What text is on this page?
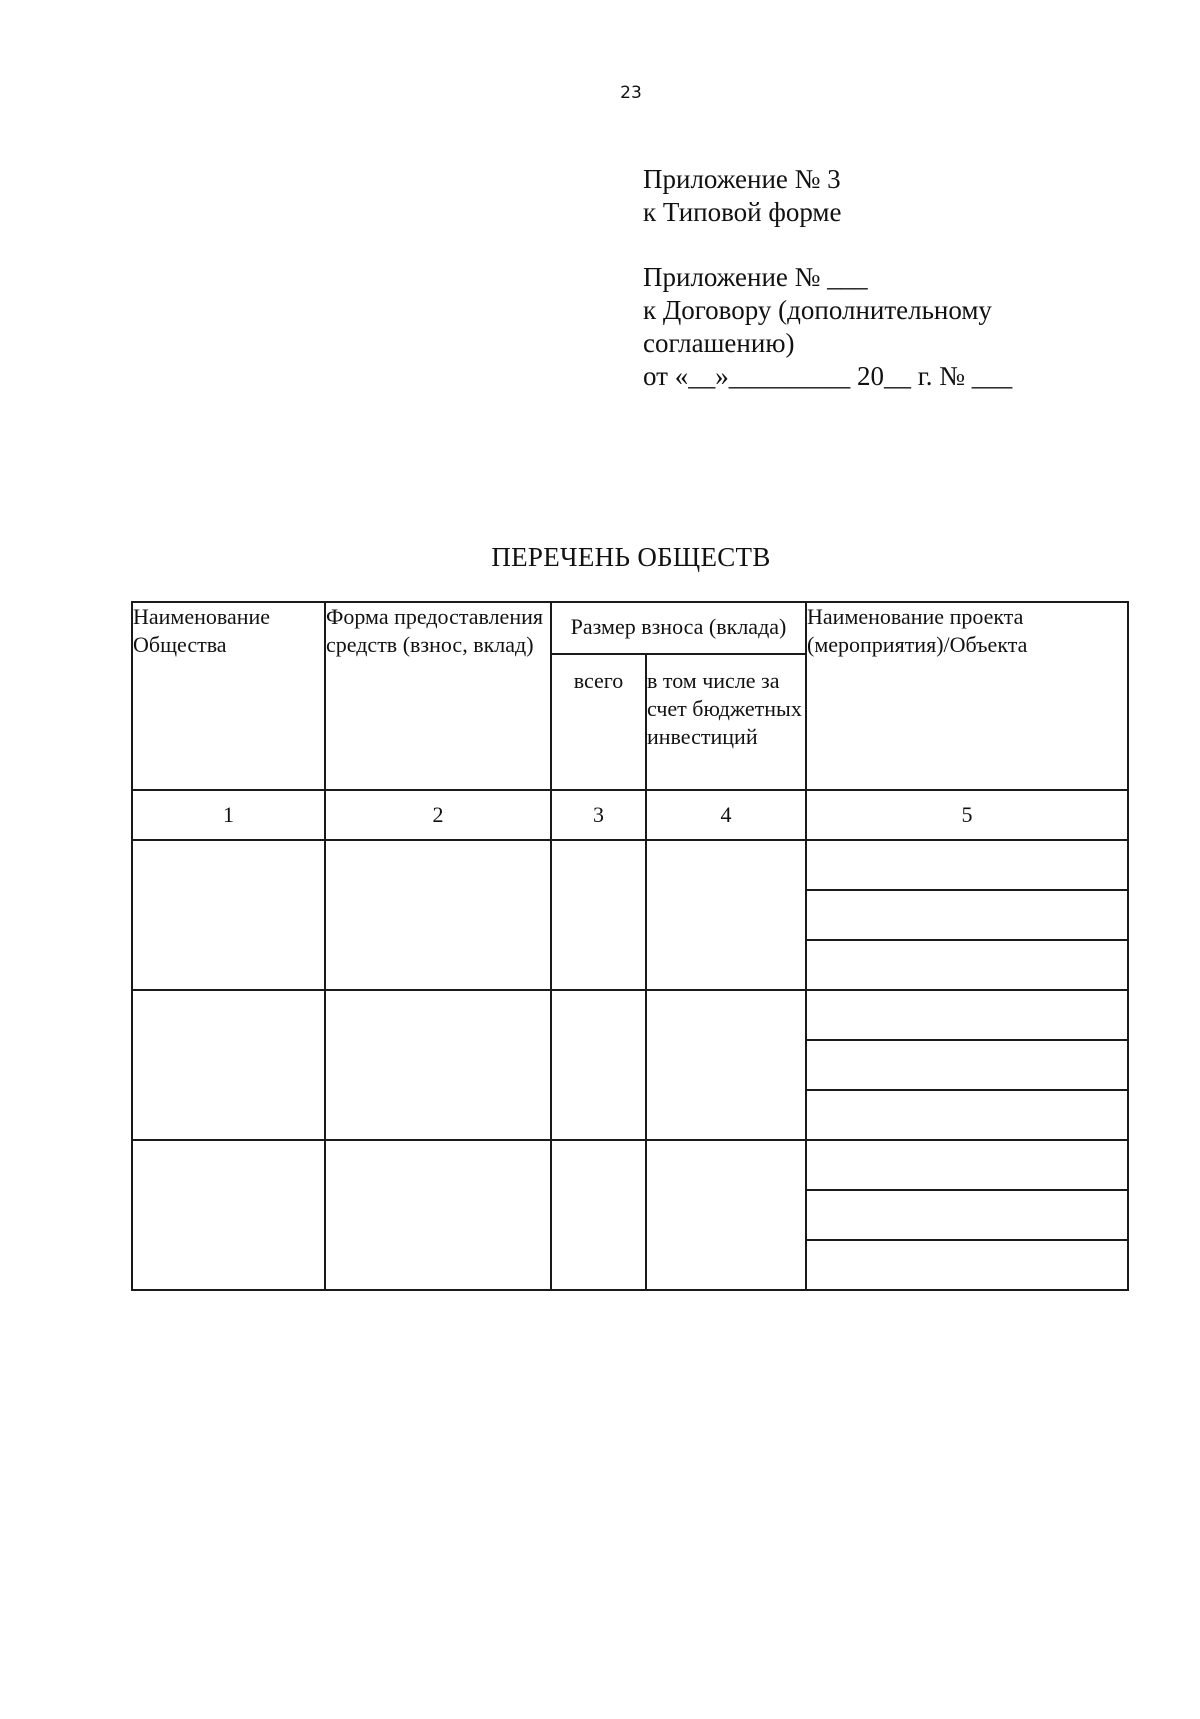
23
Приложение № 3
к Типовой форме
Приложение № ___
к Договору (дополнительному
соглашению)
от «__»_________ 20__ г. № ___
ПЕРЕЧЕНЬ ОБЩЕСТВ
Наименование Общества	Форма предоставления средств (взнос, вклад)	Размер взноса (вклада)		Наименование проекта (мероприятия)/Объекта
		всего	в том числе за счет бюджетных инвестиций	
1	2	3	4	5
